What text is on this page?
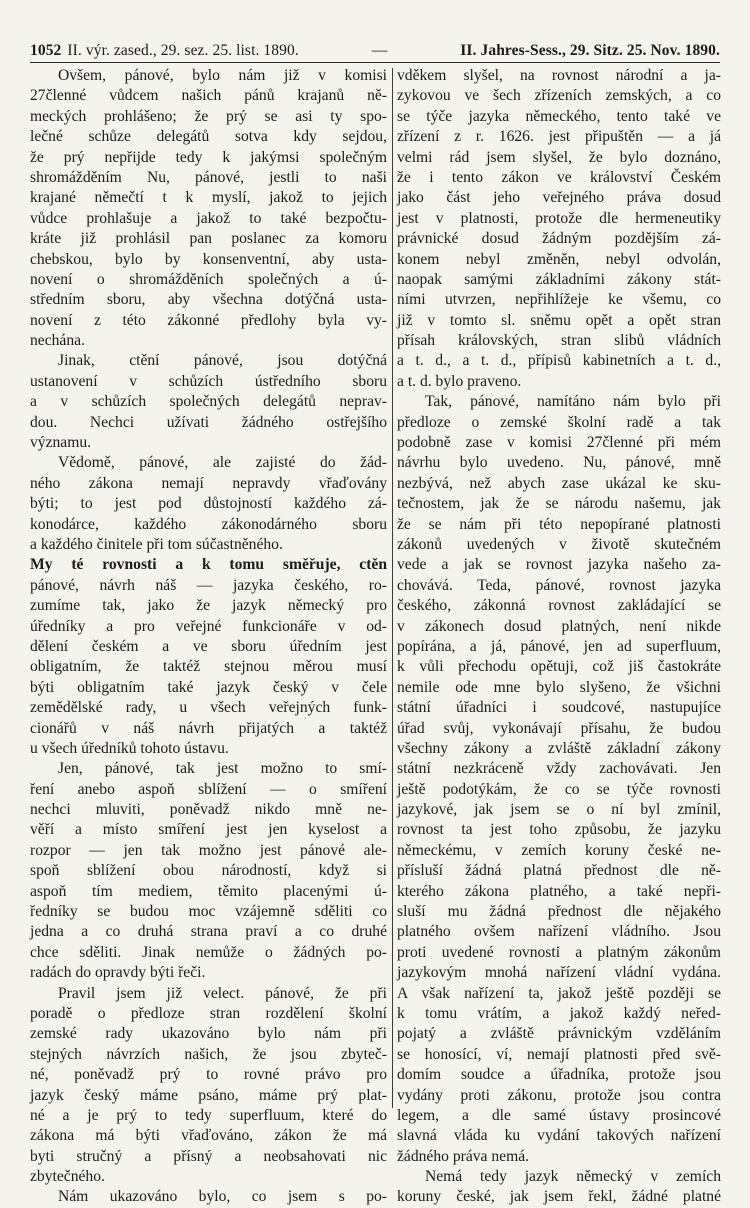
1052 II. výr. zased., 29. sez. 25. list. 1890.	—	II. Jahres-Sess., 29. Sitz. 25. Nov. 1890.
Ovšem, pánové, bylo nám již v komisi
27členné vůdcem našich pánů krajanů ně-
meckých prohlášeno; že prý se asi ty spo-
lečné schůze delegátů sotva kdy sejdou,
že prý nepřijde tedy k jakýmsi společným
shromážděním Nu, pánové, jestli to naši
krajané němečtí t k myslí, jakož to jejich
vůdce prohlašuje a jakož to také bezpočtu-
kráte již prohlásil pan poslanec za komoru
chebskou, bylo by konsenventní, aby usta-
novení o shromážděních společných a ú-
středním sboru, aby všechna dotýčná usta-
novení z této zákonné předlohy byla vy-
nechána.
Jinak, ctění pánové, jsou dotýčná
ustanovení v schůzích ústředního sboru
a v schůzích společných delegátů neprav-
dou. Nechci užívati žádného ostřejšího
významu.
Vědomě, pánové, ale zajisté do žád-
ného zákona nemají nepravdy vřaďovány
býti; to jest pod důstojností každého zá-
konodárce, každého zákonodárného sboru
a každého činitele při tom súčastněného.
My té rovnosti a k tomu směřuje, ctěn
pánové, návrh náš — jazyka českého, ro-
zumíme tak, jako že jazyk německý pro
úředníky a pro veřejné funkcionáře v od-
dělení českém a ve sboru úředním jest
obligatním, že taktéž stejnou měrou musí
býti obligatním také jazyk český v čele
zemědělské rady, u všech veřejných funk-
cionářů v náš návrh přijatých a taktéž
u všech úředníků tohoto ústavu.
Jen, pánové, tak jest možno to smí-
ření anebo aspoň sblížení — o smíření
nechci mluviti, poněvadž nikdo mně ne-
věří a místo smíření jest jen kyselost a
rozpor — jen tak možno jest pánové ale-
spoň sblížení obou národností, když si
aspoň tím mediem, těmito placenými ú-
ředníky se budou moc vzájemně sděliti co
jedna a co druhá strana praví a co druhé
chce sděliti. Jinak nemůže o žádných po-
radách do opravdy býti řeči.
Pravil jsem již velect. pánové, že při
poradě o předloze stran rozdělení školní
zemské rady ukazováno bylo nám při
stejných návrzích našich, že jsou zbyteč-
né, poněvadž prý to rovné právo pro
jazyk český máme psáno, máme prý plat-
né a je prý to tedy superfluum, které do
zákona má býti vřaďováno, zákon že má
byti stručný a přísný a neobsahovati nic
zbytečného.
Nám ukazováno bylo, co jsem s po-
vděkem slyšel, na rovnost národní a ja-
zykovou ve šech zřízeních zemských, a co
se týče jazyka německého, tento také ve
zřízení z r. 1626. jest připuštěn — a já
velmi rád jsem slyšel, že bylo doznáno,
že i tento zákon ve království Českém
jako část jeho veřejného práva dosud
jest v platnosti, protože dle hermeneutiky
právnické dosud žádným pozdějším zá-
konem nebyl změněn, nebyl odvolán,
naopak samými základními zákony stát-
ními utvrzen, nepřihlížeje ke všemu, co
již v tomto sl. sněmu opět a opět stran
přísah královských, stran slibů vládních
a t. d., a t. d., přípisů kabinetních a t. d.,
a t. d. bylo praveno.
Tak, pánové, namítáno nám bylo při
předloze o zemské školní radě a tak
podobně zase v komisi 27členné při mém
návrhu bylo uvedeno. Nu, pánové, mně
nezbývá, než abych zase ukázal ke sku-
tečnostem, jak že se národu našemu, jak
že se nám při této nepopírané platnosti
zákonů uvedených v životě skutečném
vede a jak se rovnost jazyka našeho za-
chovává. Teda, pánové, rovnost jazyka
českého, zákonná rovnost zakládající se
v zákonech dosud platných, není nikde
popírána, a já, pánové, jen ad superfluum,
k vůli přechodu opětuji, což jiš častokráte
nemile ode mne bylo slyšeno, že všichni
státní úřadníci i soudcové, nastupujíce
úřad svůj, vykonávají přísahu, že budou
všechny zákony a zvláště základní zákony
státní nezkráceně vždy zachovávati. Jen
ještě podotýkám, že co se týče rovnosti
jazykové, jak jsem se o ní byl zmínil,
rovnost ta jest toho způsobu, že jazyku
německému, v zemích koruny české ne-
přísluší žádná platná přednost dle ně-
kterého zákona platného, a také nepři-
sluší mu žádná přednost dle nějakého
platného ovšem nařízení vládního. Jsou
proti uvedené rovnosti a platným zákonům
jazykovým mnohá nařízení vládní vydána.
A však nařízení ta, jakož ještě později se
k tomu vrátím, a jakož každý neřed-
pojatý a zvláště právnickým vzděláním
se honosící, ví, nemají platnosti před svě-
domím soudce a úřadníka, protože jsou
vydány proti zákonu, protože jsou contra
legem, a dle samé ústavy prosincové
slavná vláda ku vydání takových nařízení
žádného práva nemá.
Nemá tedy jazyk německý v zemích
koruny české, jak jsem řekl, žádné platné
